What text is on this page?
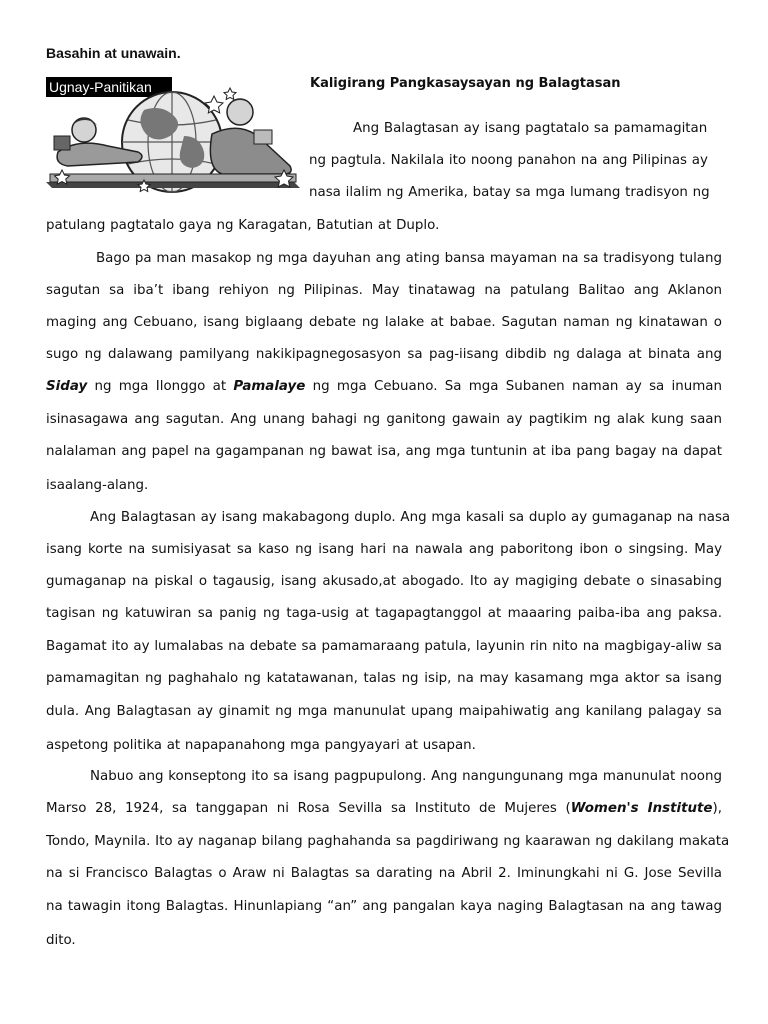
Basahin at unawain.
Ugnay-Panitikan	Kaligirang Pangkasaysayan ng Balagtasan
Ang Balagtasan ay isang pagtatalo sa pamamagitan
ng pagtula. Nakilala ito noong panahon na ang Pilipinas ay
nasa ilalim ng Amerika, batay sa mga lumang tradisyon ng
patulang pagtatalo gaya ng Karagatan, Batutian at Duplo.
Bago pa man masakop ng mga dayuhan ang ating bansa mayaman na sa tradisyong tulang
sagutan sa iba’t ibang rehiyon ng Pilipinas. May tinatawag na patulang Balitao ang Aklanon
maging ang Cebuano, isang biglaang debate ng lalake at babae. Sagutan naman ng kinatawan o
sugo ng dalawang pamilyang nakikipagnegosasyon sa pag-iisang dibdib ng dalaga at binata ang
Siday ng mga Ilonggo at Pamalaye ng mga Cebuano. Sa mga Subanen naman ay sa inuman
isinasagawa ang sagutan. Ang unang bahagi ng ganitong gawain ay pagtikim ng alak kung saan
nalalaman ang papel na gagampanan ng bawat isa, ang mga tuntunin at iba pang bagay na dapat
isaalang-alang.
Ang Balagtasan ay isang makabagong duplo. Ang mga kasali sa duplo ay gumaganap na nasa
isang korte na sumisiyasat sa kaso ng isang hari na nawala ang paboritong ibon o singsing. May
gumaganap na piskal o tagausig, isang akusado,at abogado. Ito ay magiging debate o sinasabing
tagisan ng katuwiran sa panig ng taga-usig at tagapagtanggol at maaaring paiba-iba ang paksa.
Bagamat ito ay lumalabas na debate sa pamamaraang patula, layunin rin nito na magbigay-aliw sa
pamamagitan ng paghahalo ng katatawanan, talas ng isip, na may kasamang mga aktor sa isang
dula. Ang Balagtasan ay ginamit ng mga manunulat upang maipahiwatig ang kanilang palagay sa
aspetong politika at napapanahong mga pangyayari at usapan.
Nabuo ang konseptong ito sa isang pagpupulong. Ang nangungunang mga manunulat noong
Marso 28, 1924, sa tanggapan ni Rosa Sevilla sa Instituto de Mujeres (Women's Institute),
Tondo, Maynila. Ito ay naganap bilang paghahanda sa pagdiriwang ng kaarawan ng dakilang makata
na si Francisco Balagtas o Araw ni Balagtas sa darating na Abril 2. Iminungkahi ni G. Jose Sevilla
na tawagin itong Balagtas. Hinunlapiang “an” ang pangalan kaya naging Balagtasan na ang tawag
dito.
